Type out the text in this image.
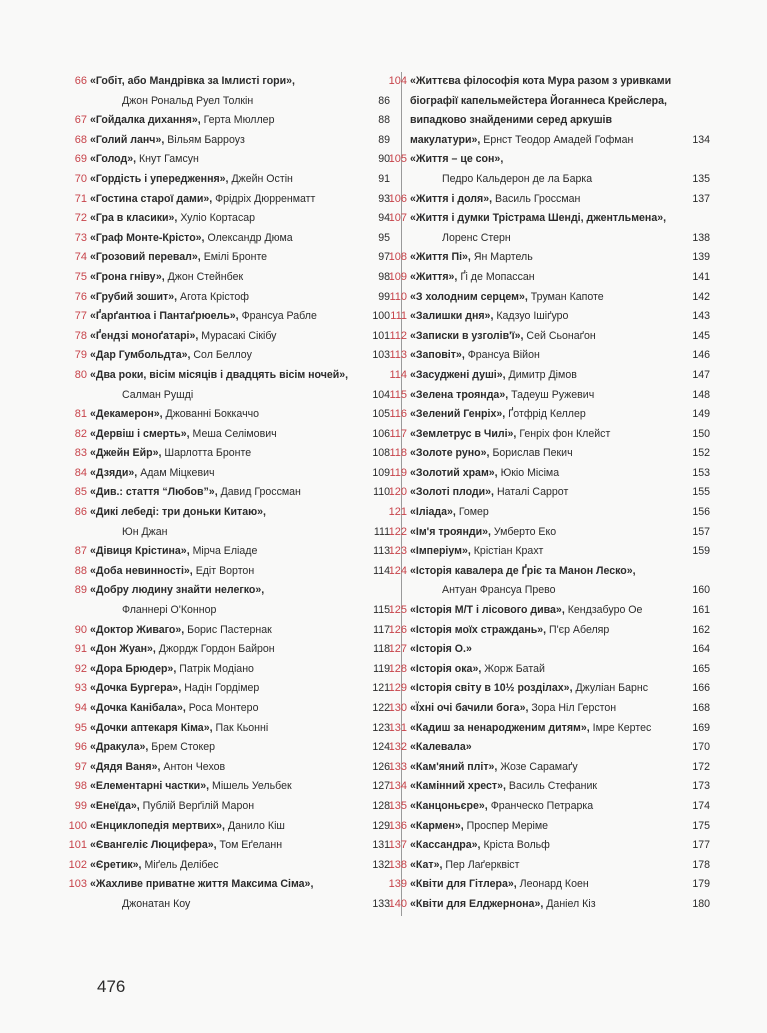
66 «Гобіт, або Мандрівка за Імлисті гори»,
Джон Рональд Руел Толкін	86
67 «Гойдалка дихання», Герта Мюллер	88
68 «Голий ланч», Вільям Барроуз	89
69 «Голод», Кнут Гамсун	90
70 «Гордість і упередження», Джейн Остін	91
71 «Гостина старої дами», Фрідріх Дюрренматт	93
72 «Гра в класики», Хуліо Кортасар	94
73 «Граф Монте-Крісто», Олександр Дюма	95
74 «Грозовий перевал», Емілі Бронте	97
75 «Грона гніву», Джон Стейнбек	98
76 «Грубий зошит», Агота Крістоф	99
77 «Ґарґантюа і Пантаґрюель», Франсуа Рабле	100
78 «Ґендзі моноґатарі», Мурасакі Сікібу	101
79 «Дар Гумбольдта», Сол Беллоу	103
80 «Два роки, вісім місяців і двадцять вісім ночей»,
Салман Рушді	104
81 «Декамерон», Джованні Боккаччо	105
82 «Дервіш і смерть», Меша Селімович	106
83 «Джейн Ейр», Шарлотта Бронте	108
84 «Дзяди», Адам Міцкевич	109
85 «Див.: стаття “Любов”», Давид Гроссман	110
86 «Дикі лебеді: три доньки Китаю»,
Юн Джан	111
87 «Дівиця Крістина», Мірча Еліаде	113
88 «Доба невинності», Едіт Вортон	114
89 «Добру людину знайти нелегко»,
Фланнері О'Коннор	115
90 «Доктор Живаго», Борис Пастернак	117
91 «Дон Жуан», Джордж Гордон Байрон	118
92 «Дора Брюдер», Патрік Модіано	119
93 «Дочка Бургера», Надін Гордімер	121
94 «Дочка Канібала», Роса Монтеро	122
95 «Дочки аптекаря Кіма», Пак Кьонні	123
96 «Дракула», Брем Стокер	124
97 «Дядя Ваня», Антон Чехов	126
98 «Елементарні частки», Мішель Уельбек	127
99 «Енеїда», Публій Верґілій Марон	128
100 «Енциклопедія мертвих», Данило Кіш	129
101 «Євангеліє Люцифера», Том Еґеланн	131
102 «Єретик», Міґель Делібес	132
103 «Жахливе приватне життя Максима Сіма»,
Джонатан Коу	133
104 «Життєва філософія кота Мура разом з уривками
біографії капельмейстера Йоганнеса Крейслера,
випадково знайденими серед аркушів
макулатури», Ернст Теодор Амадей Гофман	134
105 «Життя – це сон»,
Педро Кальдерон де ла Барка	135
106 «Життя і доля», Василь Гроссман	137
107 «Життя і думки Трістрама Шенді, джентльмена»,
Лоренс Стерн	138
108 «Життя Пі», Ян Мартель	139
109 «Життя», Ґі де Мопассан	141
110 «З холодним серцем», Труман Капоте	142
111 «Залишки дня», Кадзуо Ішіґуро	143
112 «Записки в узголів'ї», Сей Сьонаґон	145
113 «Заповіт», Франсуа Війон	146
114 «Засуджені душі», Димитр Дімов	147
115 «Зелена троянда», Тадеуш Ружевич	148
116 «Зелений Генріх», Ґотфрід Келлер	149
117 «Землетрус в Чилі», Генріх фон Клейст	150
118 «Золоте руно», Борислав Пекич	152
119 «Золотий храм», Юкіо Місіма	153
120 «Золоті плоди», Наталі Саррот	155
121 «Іліада», Гомер	156
122 «Ім'я троянди», Умберто Еко	157
123 «Імперіум», Крістіан Крахт	159
124 «Історія кавалера де Ґріє та Манон Леско»,
Антуан Франсуа Прево	160
125 «Історія М/Т і лісового дива», Кендзабуро Ое	161
126 «Історія моїх страждань», П'єр Абеляр	162
127 «Історія О.»	164
128 «Історія ока», Жорж Батай	165
129 «Історія світу в 10½ розділах», Джуліан Барнс	166
130 «Їхні очі бачили бога», Зора Ніл Герстон	168
131 «Кадиш за ненародженим дитям», Імре Кертес	169
132 «Калевала»	170
133 «Кам'яний пліт», Жозе Сарамаґу	172
134 «Камінний хрест», Василь Стефаник	173
135 «Канцоньєре», Франческо Петрарка	174
136 «Кармен», Проспер Меріме	175
137 «Кассандра», Кріста Вольф	177
138 «Кат», Пер Лаґерквіст	178
139 «Квіти для Гітлера», Леонард Коен	179
140 «Квіти для Елджернона», Даніел Кіз	180
476
